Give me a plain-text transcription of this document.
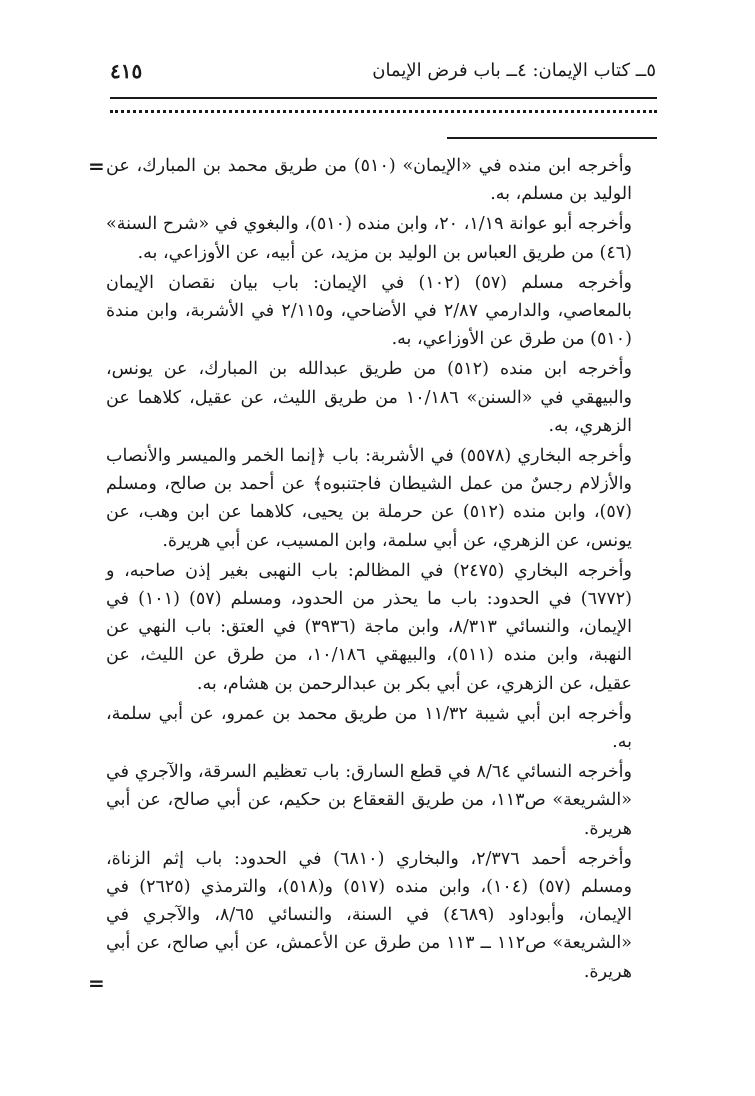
٥ــ كتاب الإيمان: ٤ــ باب فرض الإيمان
٤١٥
=
=

وأخرجه ابن منده في «الإيمان» (٥١٠) من طريق محمد بن المبارك، عن الوليد بن مسلم، به.

وأخرجه أبو عوانة ١/١٩، ٢٠، وابن منده (٥١٠)، والبغوي في «شرح السنة» (٤٦) من طريق العباس بن الوليد بن مزيد، عن أبيه، عن الأوزاعي، به.

وأخرجه مسلم (٥٧) (١٠٢) في الإيمان: باب بيان نقصان الإيمان بالمعاصي، والدارمي ٢/٨٧ في الأضاحي، و٢/١١٥ في الأشربة، وابن مندة (٥١٠) من طرق عن الأوزاعي، به.

وأخرجه ابن منده (٥١٢) من طريق عبدالله بن المبارك، عن يونس، والبيهقي في «السنن» ١٠/١٨٦ من طريق الليث، عن عقيل، كلاهما عن الزهري، به.

وأخرجه البخاري (٥٥٧٨) في الأشربة: باب ﴿إنما الخمر والميسر والأنصاب والأزلام رجسٌ من عمل الشيطان فاجتنبوه﴾ عن أحمد بن صالح، ومسلم (٥٧)، وابن منده (٥١٢) عن حرملة بن يحيى، كلاهما عن ابن وهب، عن يونس، عن الزهري، عن أبي سلمة، وابن المسيب، عن أبي هريرة.

وأخرجه البخاري (٢٤٧٥) في المظالم: باب النهبى بغير إذن صاحبه، و (٦٧٧٢) في الحدود: باب ما يحذر من الحدود، ومسلم (٥٧) (١٠١) في الإيمان، والنسائي ٨/٣١٣، وابن ماجة (٣٩٣٦) في العتق: باب النهي عن النهبة، وابن منده (٥١١)، والبيهقي ١٠/١٨٦، من طرق عن الليث، عن عقيل، عن الزهري، عن أبي بكر بن عبدالرحمن بن هشام، به.

وأخرجه ابن أبي شيبة ١١/٣٢ من طريق محمد بن عمرو، عن أبي سلمة، به.

وأخرجه النسائي ٨/٦٤ في قطع السارق: باب تعظيم السرقة، والآجري في «الشريعة» ص١١٣، من طريق القعقاع بن حكيم، عن أبي صالح، عن أبي هريرة.

وأخرجه أحمد ٢/٣٧٦، والبخاري (٦٨١٠) في الحدود: باب إثم الزناة، ومسلم (٥٧) (١٠٤)، وابن منده (٥١٧) و(٥١٨)، والترمذي (٢٦٢٥) في الإيمان، وأبوداود (٤٦٨٩) في السنة، والنسائي ٨/٦٥، والآجري في «الشريعة» ص١١٢ ــ ١١٣ من طرق عن الأعمش، عن أبي صالح، عن أبي هريرة.
